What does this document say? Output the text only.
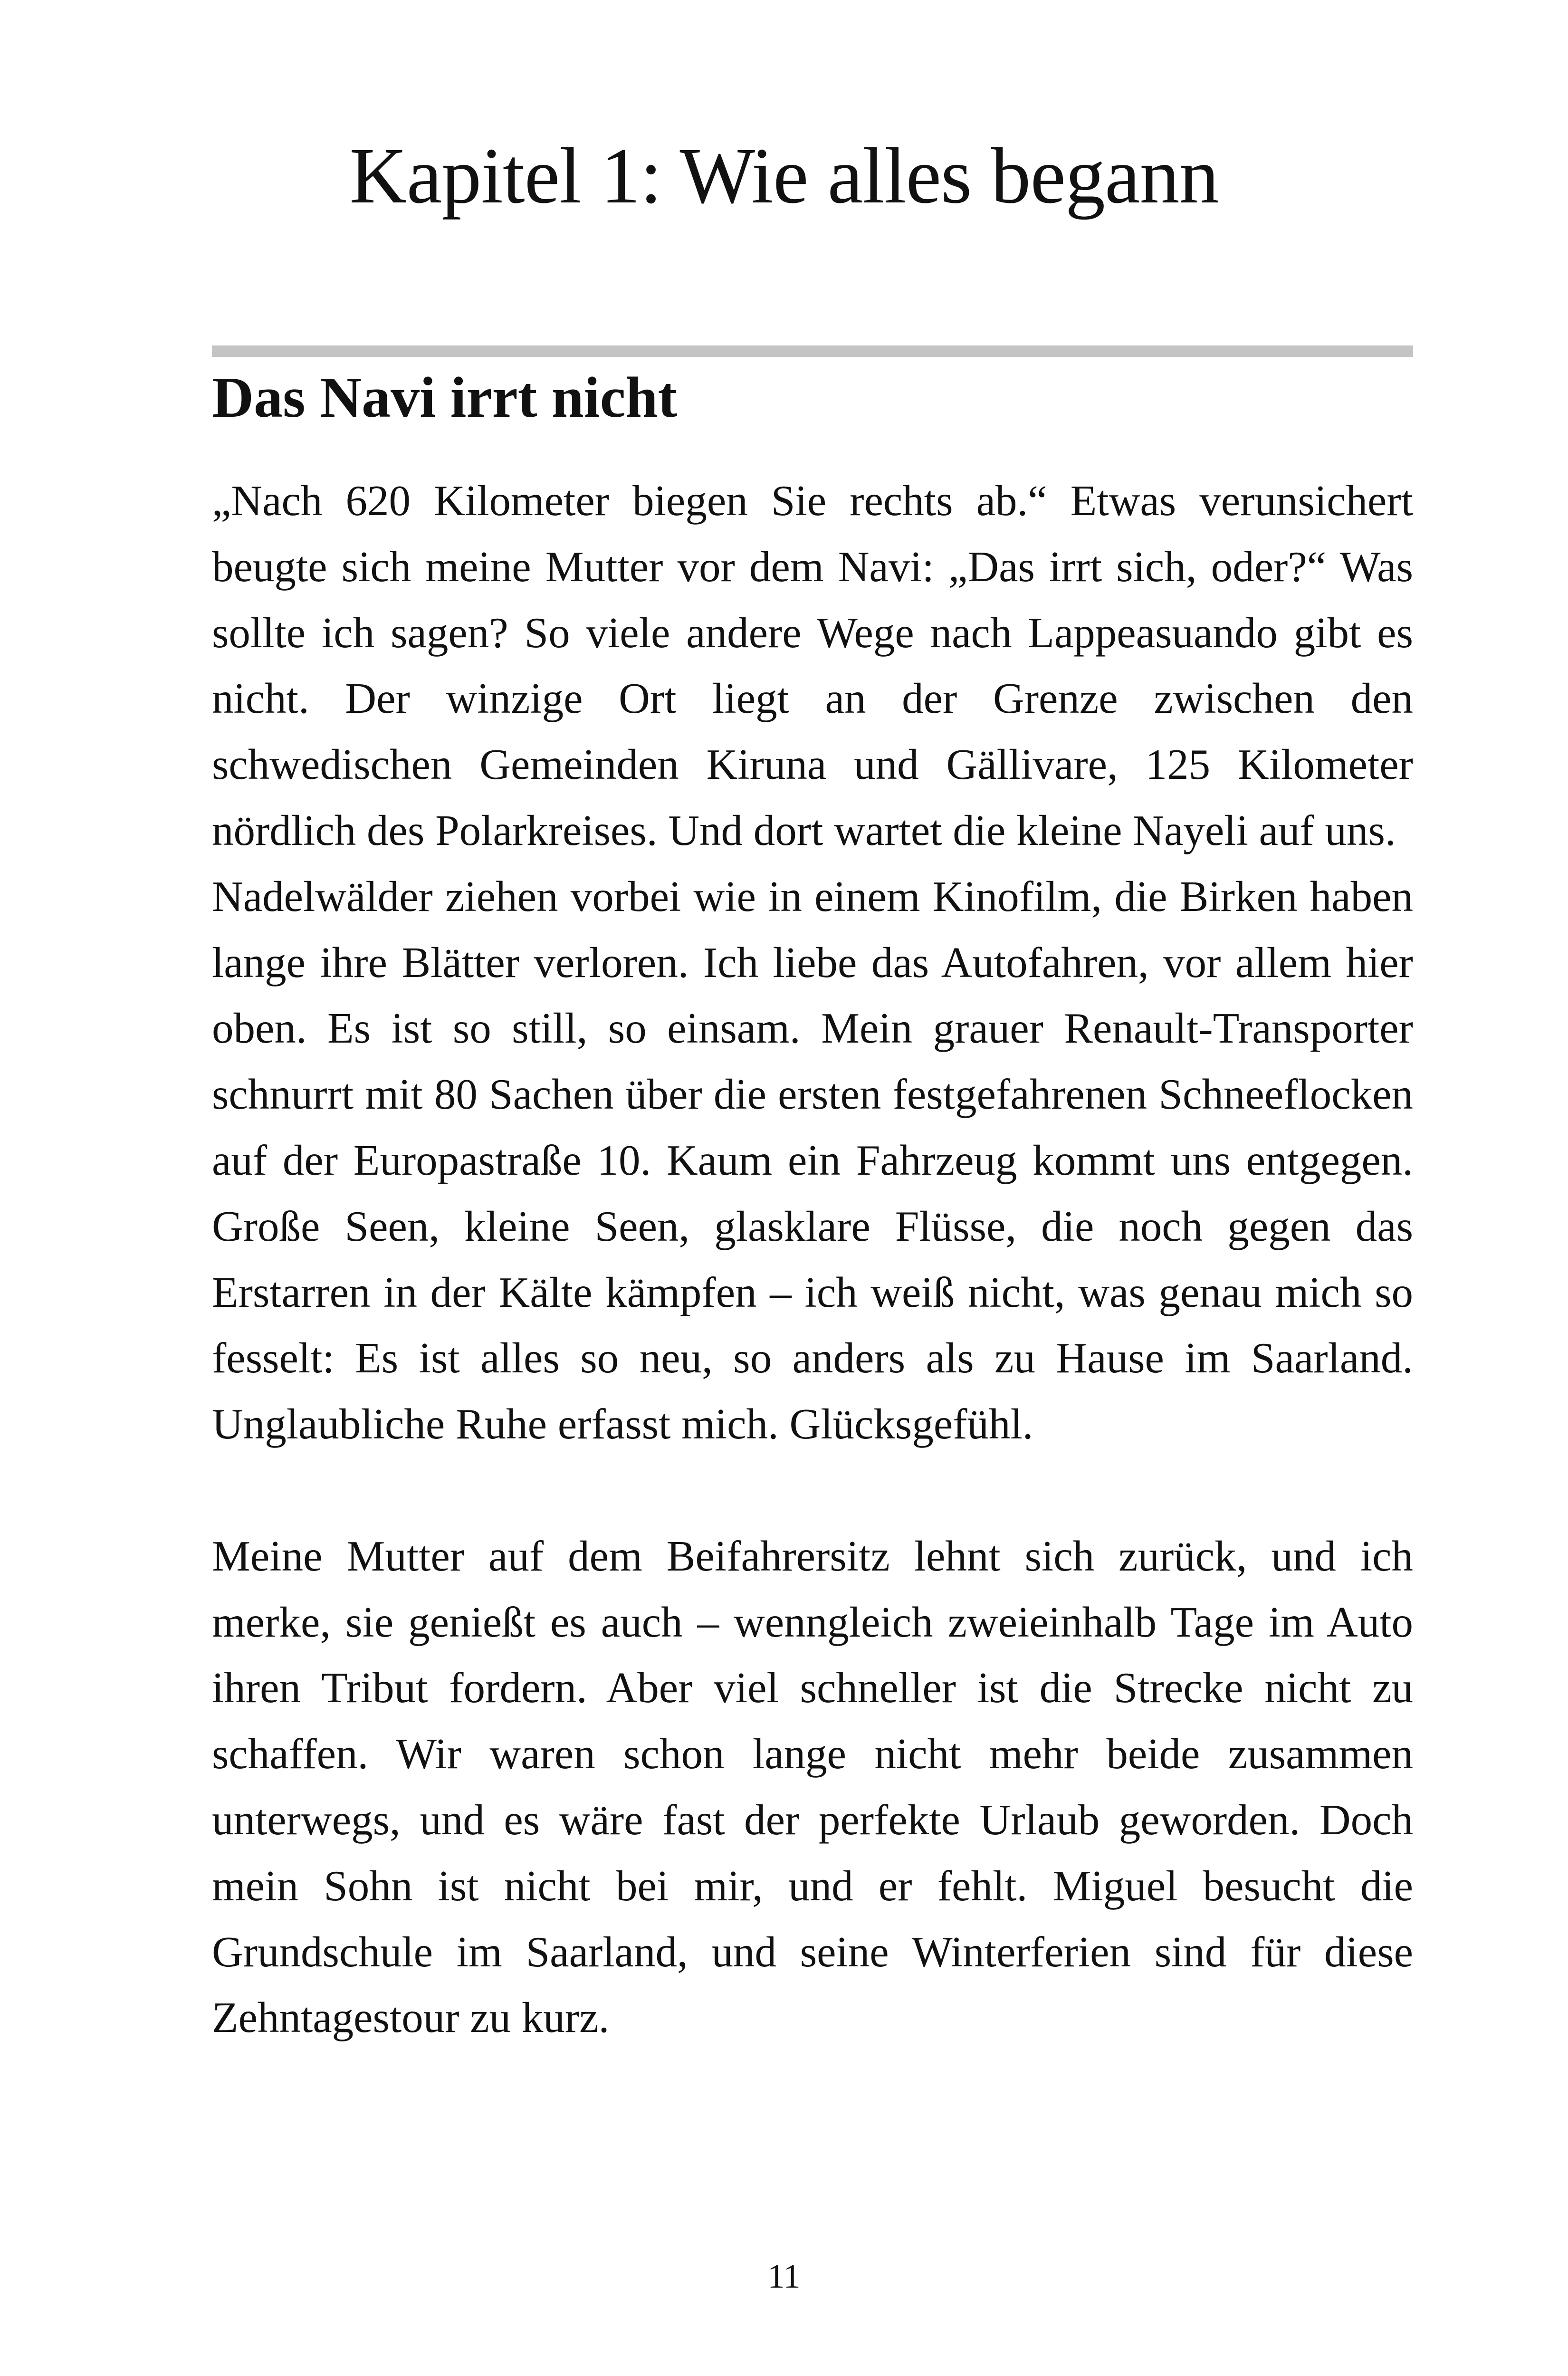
Kapitel 1: Wie alles begann
Das Navi irrt nicht

„Nach 620 Kilometer biegen Sie rechts ab.“ Etwas verunsichert beugte sich meine Mutter vor dem Navi: „Das irrt sich, oder?“ Was sollte ich sagen? So viele andere Wege nach Lappeasuando gibt es nicht. Der winzige Ort liegt an der Grenze zwischen den schwedischen Gemeinden Kiruna und Gällivare, 125 Kilometer nördlich des Polarkreises. Und dort wartet die kleine Nayeli auf uns.

Nadelwälder ziehen vorbei wie in einem Kinofilm, die Birken haben lange ihre Blätter verloren. Ich liebe das Autofahren, vor allem hier oben. Es ist so still, so einsam. Mein grauer Renault-Transporter schnurrt mit 80 Sachen über die ersten festgefahrenen Schneeflocken auf der Europastraße 10. Kaum ein Fahrzeug kommt uns entgegen. Große Seen, kleine Seen, glasklare Flüsse, die noch gegen das Erstarren in der Kälte kämpfen – ich weiß nicht, was genau mich so fesselt: Es ist alles so neu, so anders als zu Hause im Saarland. Unglaubliche Ruhe erfasst mich. Glücksgefühl.

Meine Mutter auf dem Beifahrersitz lehnt sich zurück, und ich merke, sie genießt es auch – wenngleich zweieinhalb Tage im Auto ihren Tribut fordern. Aber viel schneller ist die Strecke nicht zu schaffen. Wir waren schon lange nicht mehr beide zusammen unterwegs, und es wäre fast der perfekte Urlaub geworden. Doch mein Sohn ist nicht bei mir, und er fehlt. Miguel besucht die Grundschule im Saarland, und seine Winterferien sind für diese Zehntagestour zu kurz.

11
